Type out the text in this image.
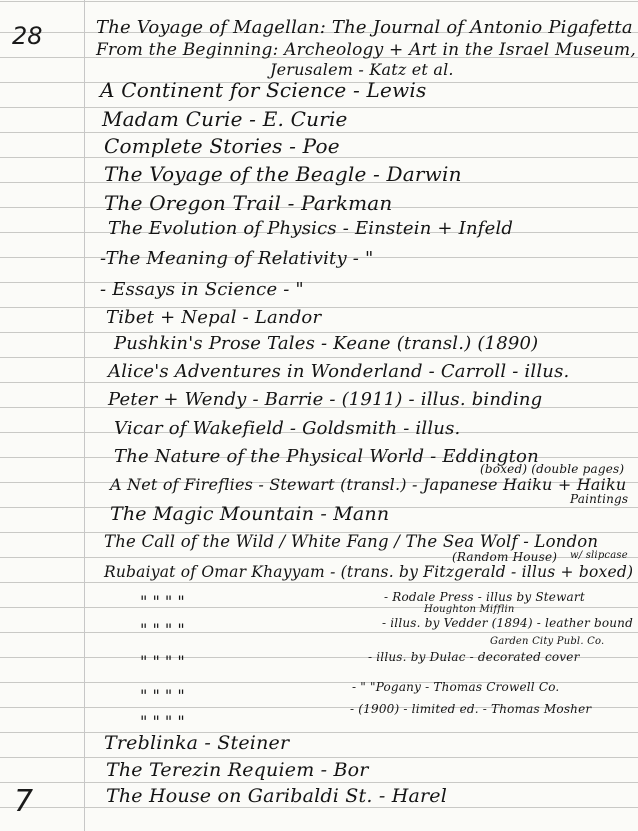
28	The Voyage of Magellan: The Journal of Antonio Pigafetta
From the Beginning: Archeology + Art in the Israel Museum,
Jerusalem - Katz et al.
A Continent for Science - Lewis
Madam Curie - E. Curie
Complete Stories - Poe
The Voyage of the Beagle - Darwin
The Oregon Trail - Parkman
The Evolution of Physics - Einstein + Infeld
-The Meaning of Relativity - "
- Essays in Science - "
Tibet + Nepal - Landor
Pushkin's Prose Tales - Keane (transl.) (1890)
Alice's Adventures in Wonderland - Carroll - illus.
Peter + Wendy - Barrie - (1911) - illus. binding
Vicar of Wakefield - Goldsmith - illus.
The Nature of the Physical World - Eddington
(boxed) (double pages)
A Net of Fireflies - Stewart (transl.) - Japanese Haiku + Haiku
Paintings
The Magic Mountain - Mann
The Call of the Wild / White Fang / The Sea Wolf - London
(Random House) w/ slipcase
Rubaiyat of Omar Khayyam - (trans. by Fitzgerald - illus + boxed)
" " " "	- Rodale Press - illus by Stewart
Houghton Mifflin
" " " "	- illus. by Vedder (1894) - leather bound
Garden City Publ. Co.
" " " "	- illus. by Dulac - decorated cover
" " " "	- " "Pogany - Thomas Crowell Co.
" " " "
- (1900) - limited ed. - Thomas Mosher
Treblinka - Steiner
The Terezin Requiem - Bor
The House on Garibaldi St. - Harel
7
